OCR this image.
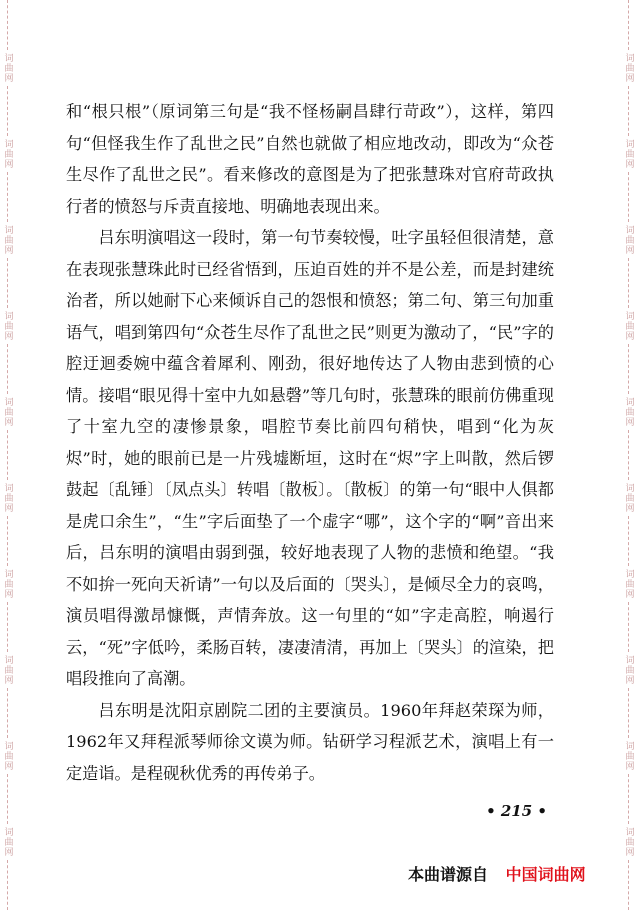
词曲网
词曲网
词曲网
词曲网
词曲网
词曲网
词曲网
词曲网
词曲网
词曲网
词曲网
词曲网
词曲网
词曲网
词曲网
词曲网
词曲网
词曲网
词曲网
词曲网

和“根只根”（原词第三句是“我不怪杨嗣昌肆行苛政”），这样，第四句“但怪我生作了乱世之民”自然也就做了相应地改动，即改为“众苍生尽作了乱世之民”。看来修改的意图是为了把张慧珠对官府苛政执行者的愤怒与斥责直接地、明确地表现出来。

吕东明演唱这一段时，第一句节奏较慢，吐字虽轻但很清楚，意在表现张慧珠此时已经省悟到，压迫百姓的并不是公差，而是封建统治者，所以她耐下心来倾诉自己的怨恨和愤怒；第二句、第三句加重语气，唱到第四句“众苍生尽作了乱世之民”则更为激动了，“民”字的腔迂迴委婉中蕴含着犀利、刚劲，很好地传达了人物由悲到愤的心情。接唱“眼见得十室中九如悬磬”等几句时，张慧珠的眼前仿佛重现了十室九空的凄惨景象，唱腔节奏比前四句稍快，唱到“化为灰烬”时，她的眼前已是一片残墟断垣，这时在“烬”字上叫散，然后锣鼓起〔乱锤〕〔凤点头〕转唱〔散板〕。〔散板〕的第一句“眼中人俱都是虎口余生”，“生”字后面垫了一个虚字“哪”，这个字的“啊”音出来后，吕东明的演唱由弱到强，较好地表现了人物的悲愤和绝望。“我不如拚一死向天祈请”一句以及后面的〔哭头〕，是倾尽全力的哀鸣，演员唱得激昂慷慨，声情奔放。这一句里的“如”字走高腔，响遏行云，“死”字低吟，柔肠百转，凄凄清清，再加上〔哭头〕的渲染，把唱段推向了高潮。

吕东明是沈阳京剧院二团的主要演员。1960年拜赵荣琛为师，1962年又拜程派琴师徐文谟为师。钻研学习程派艺术，演唱上有一定造诣。是程砚秋优秀的再传弟子。

• 215 •
本曲谱源自 中国词曲网
